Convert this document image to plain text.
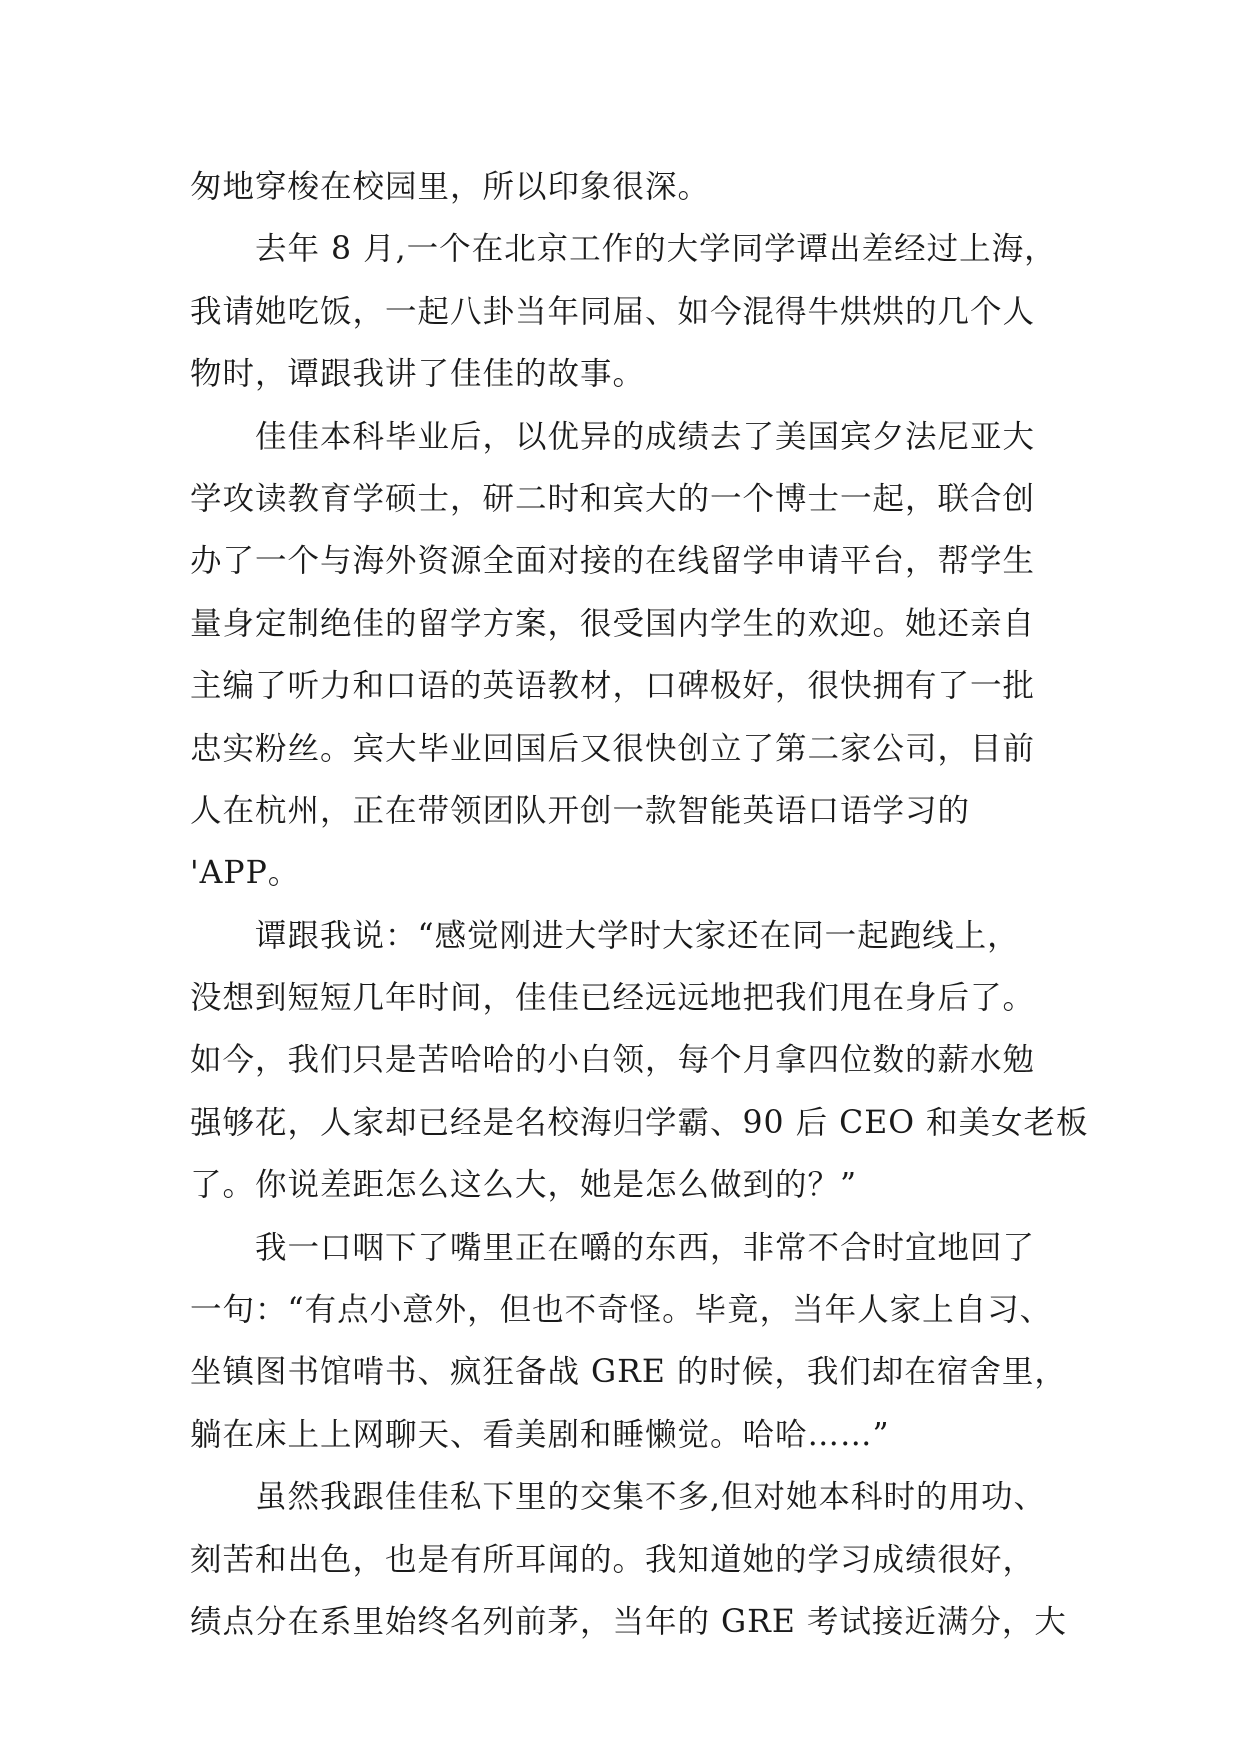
匆地穿梭在校园里，所以印象很深。
　　去年 8 月,一个在北京工作的大学同学谭出差经过上海，
我请她吃饭，一起八卦当年同届、如今混得牛烘烘的几个人
物时，谭跟我讲了佳佳的故事。
　　佳佳本科毕业后，以优异的成绩去了美国宾夕法尼亚大
学攻读教育学硕士，研二时和宾大的一个博士一起，联合创
办了一个与海外资源全面对接的在线留学申请平台，帮学生
量身定制绝佳的留学方案，很受国内学生的欢迎。她还亲自
主编了听力和口语的英语教材，口碑极好，很快拥有了一批
忠实粉丝。宾大毕业回国后又很快创立了第二家公司，目前
人在杭州，正在带领团队开创一款智能英语口语学习的
'APP。
　　谭跟我说：“感觉刚进大学时大家还在同一起跑线上，
没想到短短几年时间，佳佳已经远远地把我们甩在身后了。
如今，我们只是苦哈哈的小白领，每个月拿四位数的薪水勉
强够花，人家却已经是名校海归学霸、90 后 CEO 和美女老板
了。你说差距怎么这么大，她是怎么做到的？”
　　我一口咽下了嘴里正在嚼的东西，非常不合时宜地回了
一句：“有点小意外，但也不奇怪。毕竟，当年人家上自习、
坐镇图书馆啃书、疯狂备战 GRE 的时候，我们却在宿舍里，
躺在床上上网聊天、看美剧和睡懒觉。哈哈……”
　　虽然我跟佳佳私下里的交集不多,但对她本科时的用功、
刻苦和出色，也是有所耳闻的。我知道她的学习成绩很好，
绩点分在系里始终名列前茅，当年的 GRE 考试接近满分，大
